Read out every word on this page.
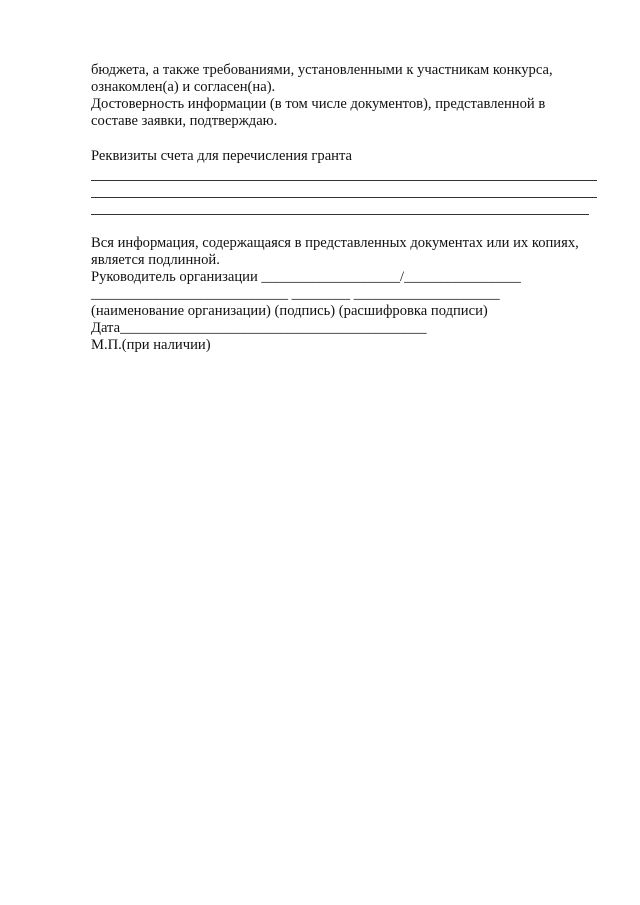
бюджета, а также требованиями, установленными к участникам конкурса,
ознакомлен(а) и согласен(на).
Достоверность информации (в том числе документов), представленной в
составе заявки, подтверждаю.
Реквизиты счета для перечисления гранта
Вся информация, содержащаяся в представленных документах или их копиях,
является подлинной.
Руководитель организации ___________________/________________
___________________________ ________ ____________________
(наименование организации) (подпись) (расшифровка подписи)
Дата__________________________________________
М.П.(при наличии)
